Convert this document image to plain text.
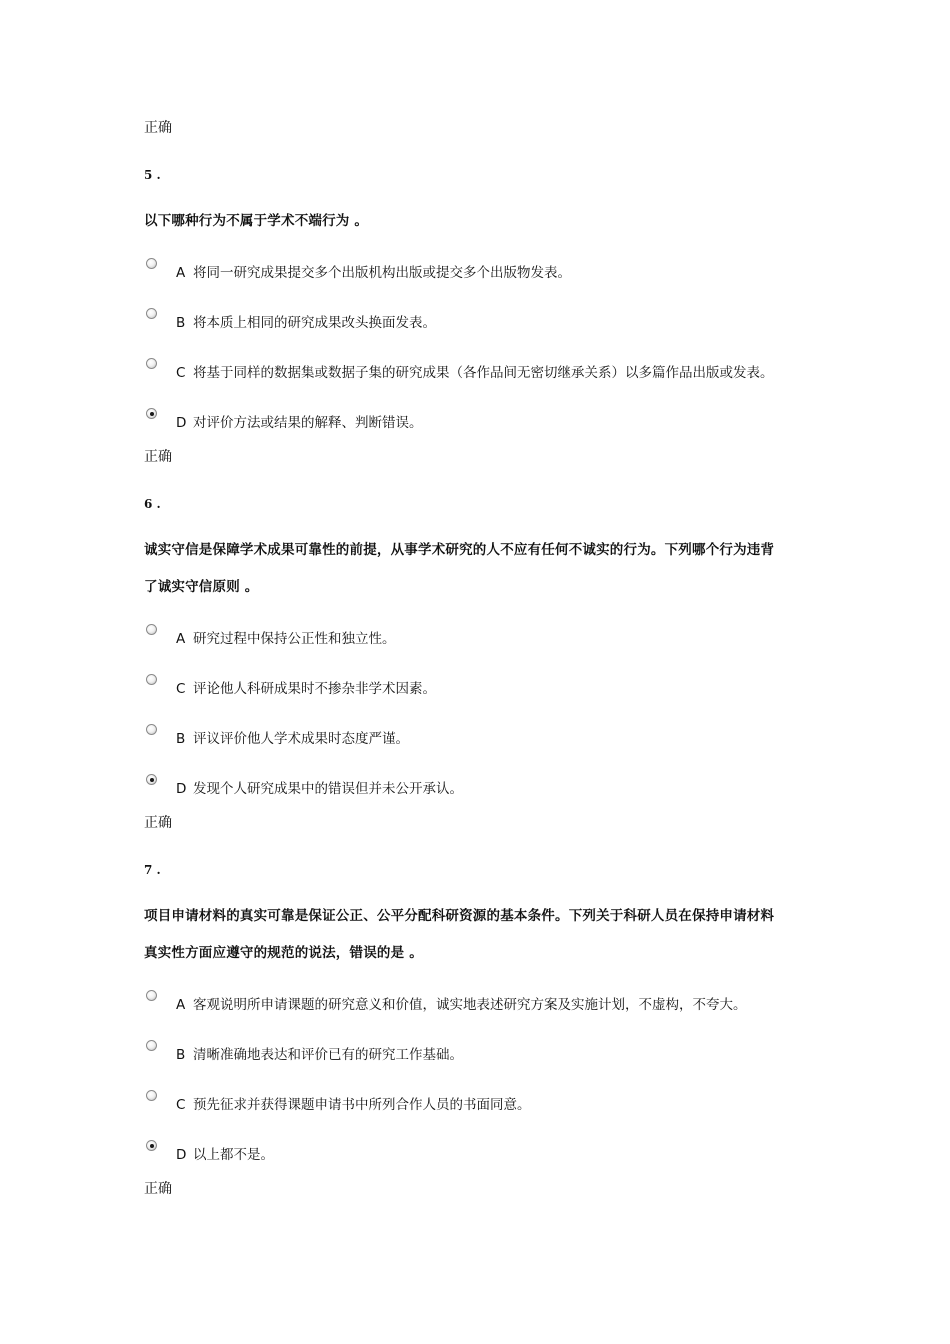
正确
5 .
以下哪种行为不属于学术不端行为 。
A 将同一研究成果提交多个出版机构出版或提交多个出版物发表。
B 将本质上相同的研究成果改头换面发表。
C 将基于同样的数据集或数据子集的研究成果（各作品间无密切继承关系）以多篇作品出版或发表。
D 对评价方法或结果的解释、判断错误。
正确
6 .
诚实守信是保障学术成果可靠性的前提，从事学术研究的人不应有任何不诚实的行为。下列哪个行为违背
了诚实守信原则 。
A 研究过程中保持公正性和独立性。
C 评论他人科研成果时不掺杂非学术因素。
B 评议评价他人学术成果时态度严谨。
D 发现个人研究成果中的错误但并未公开承认。
正确
7 .
项目申请材料的真实可靠是保证公正、公平分配科研资源的基本条件。下列关于科研人员在保持申请材料
真实性方面应遵守的规范的说法，错误的是 。
A 客观说明所申请课题的研究意义和价值，诚实地表述研究方案及实施计划，不虚构，不夸大。
B 清晰准确地表达和评价已有的研究工作基础。
C 预先征求并获得课题申请书中所列合作人员的书面同意。
D 以上都不是。
正确
